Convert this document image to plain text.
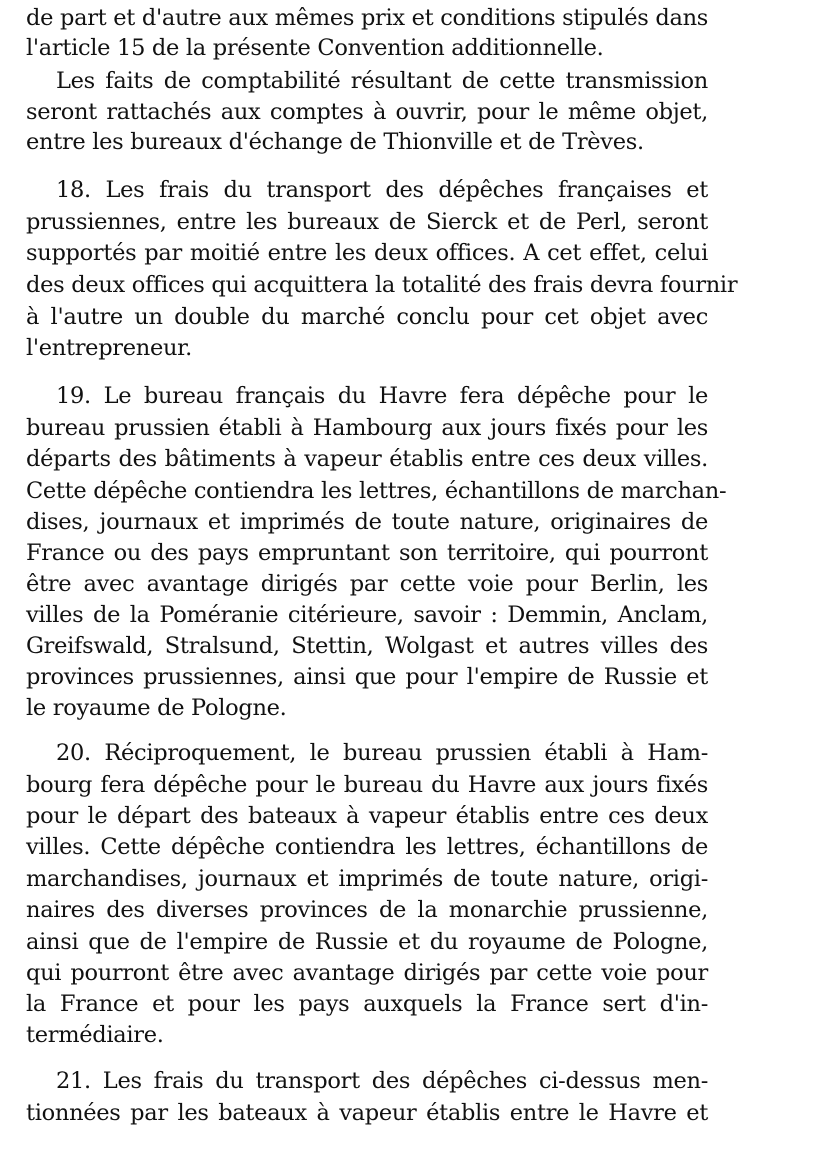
de part et d'autre aux mêmes prix et conditions stipulés dans
l'article 15 de la présente Convention additionnelle.
Les faits de comptabilité résultant de cette transmission
seront rattachés aux comptes à ouvrir, pour le même objet,
entre les bureaux d'échange de Thionville et de Trèves.
18. Les frais du transport des dépêches françaises et
prussiennes, entre les bureaux de Sierck et de Perl, seront
supportés par moitié entre les deux offices. A cet effet, celui
des deux offices qui acquittera la totalité des frais devra fournir
à l'autre un double du marché conclu pour cet objet avec
l'entrepreneur.
19. Le bureau français du Havre fera dépêche pour le
bureau prussien établi à Hambourg aux jours fixés pour les
départs des bâtiments à vapeur établis entre ces deux villes.
Cette dépêche contiendra les lettres, échantillons de marchan-
dises, journaux et imprimés de toute nature, originaires de
France ou des pays empruntant son territoire, qui pourront
être avec avantage dirigés par cette voie pour Berlin, les
villes de la Poméranie citérieure, savoir : Demmin, Anclam,
Greifswald, Stralsund, Stettin, Wolgast et autres villes des
provinces prussiennes, ainsi que pour l'empire de Russie et
le royaume de Pologne.
20. Réciproquement, le bureau prussien établi à Ham-
bourg fera dépêche pour le bureau du Havre aux jours fixés
pour le départ des bateaux à vapeur établis entre ces deux
villes. Cette dépêche contiendra les lettres, échantillons de
marchandises, journaux et imprimés de toute nature, origi-
naires des diverses provinces de la monarchie prussienne,
ainsi que de l'empire de Russie et du royaume de Pologne,
qui pourront être avec avantage dirigés par cette voie pour
la France et pour les pays auxquels la France sert d'in-
termédiaire.
21. Les frais du transport des dépêches ci-dessus men-
tionnées par les bateaux à vapeur établis entre le Havre et
